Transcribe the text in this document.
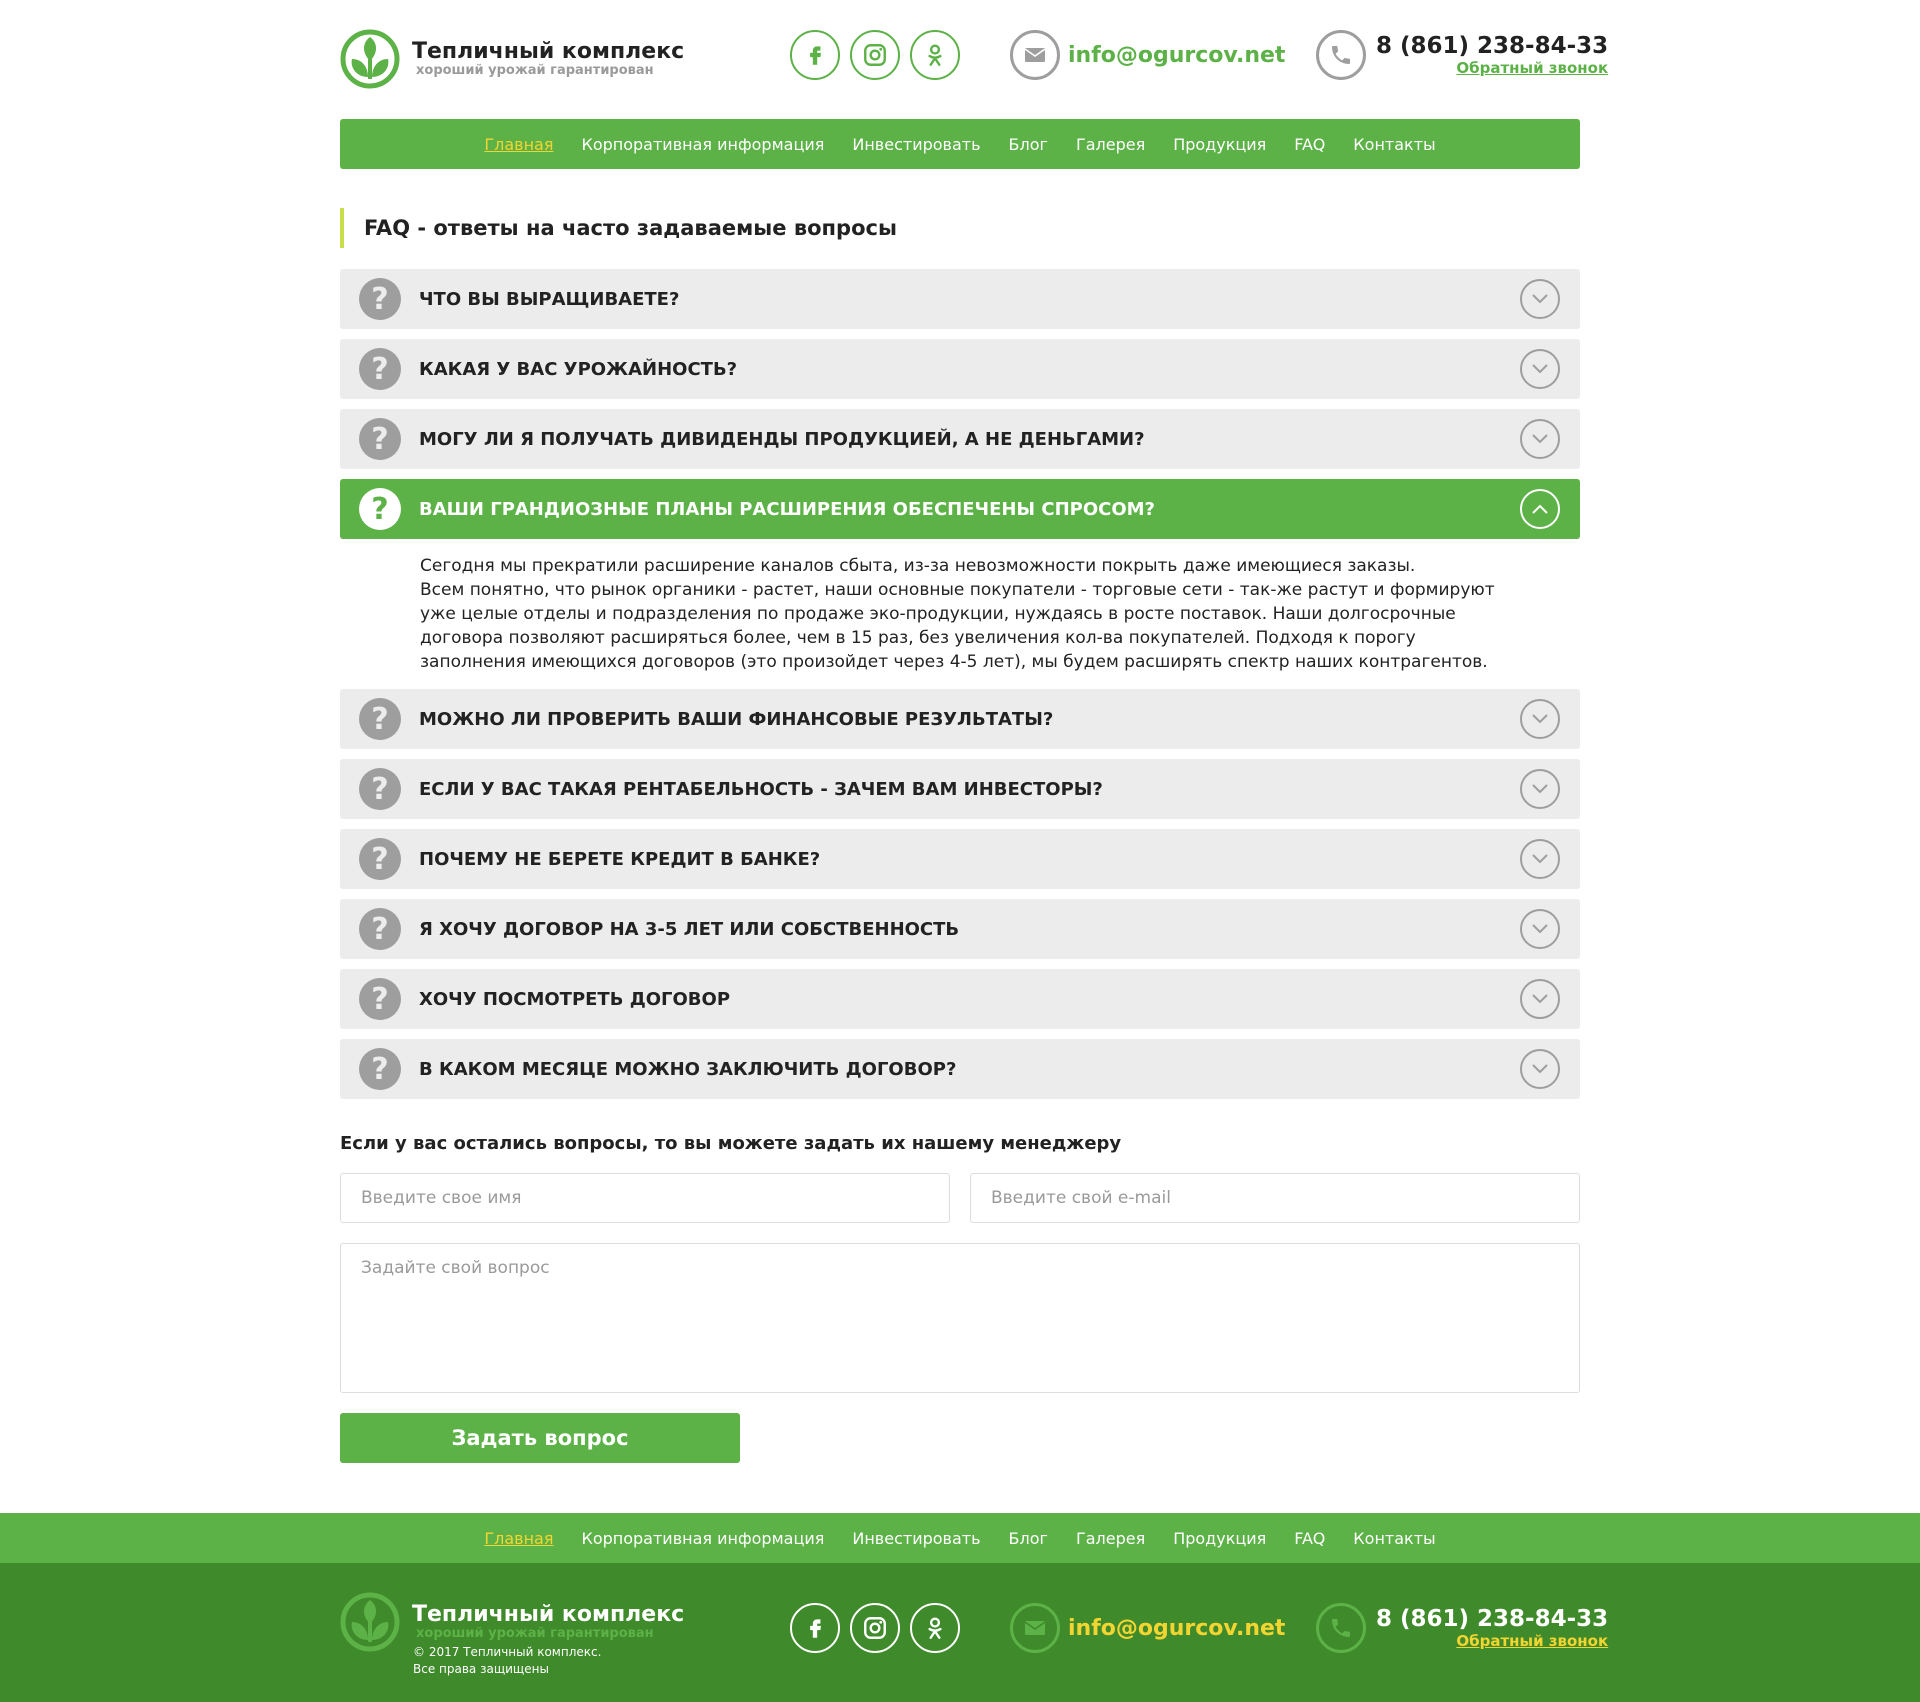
Тепличный комплекс
хороший урожай гарантирован
info@ogurcov.net	8 (861) 238-84-33
Обратный звонок
Главная Корпоративная информация Инвестировать Блог Галерея Продукция FAQ Контакты
FAQ - ответы на часто задаваемые вопросы
?	ЧТО ВЫ ВЫРАЩИВАЕТЕ?
?	КАКАЯ У ВАС УРОЖАЙНОСТЬ?
?	МОГУ ЛИ Я ПОЛУЧАТЬ ДИВИДЕНДЫ ПРОДУКЦИЕЙ, А НЕ ДЕНЬГАМИ?
?	ВАШИ ГРАНДИОЗНЫЕ ПЛАНЫ РАСШИРЕНИЯ ОБЕСПЕЧЕНЫ СПРОСОМ?
Сегодня мы прекратили расширение каналов сбыта, из-за невозможности покрыть даже имеющиеся заказы.
Всем понятно, что рынок органики - растет, наши основные покупатели - торговые сети - так-же растут и формируют
уже целые отделы и подразделения по продаже эко-продукции, нуждаясь в росте поставок. Наши долгосрочные
договора позволяют расширяться более, чем в 15 раз, без увеличения кол-ва покупателей. Подходя к порогу
заполнения имеющихся договоров (это произойдет через 4-5 лет), мы будем расширять спектр наших контрагентов.
?	МОЖНО ЛИ ПРОВЕРИТЬ ВАШИ ФИНАНСОВЫЕ РЕЗУЛЬТАТЫ?
?	ЕСЛИ У ВАС ТАКАЯ РЕНТАБЕЛЬНОСТЬ - ЗАЧЕМ ВАМ ИНВЕСТОРЫ?
?	ПОЧЕМУ НЕ БЕРЕТЕ КРЕДИТ В БАНКЕ?
?	Я ХОЧУ ДОГОВОР НА 3-5 ЛЕТ ИЛИ СОБСТВЕННОСТЬ
?	ХОЧУ ПОСМОТРЕТЬ ДОГОВОР
?	В КАКОМ МЕСЯЦЕ МОЖНО ЗАКЛЮЧИТЬ ДОГОВОР?
Если у вас остались вопросы, то вы можете задать их нашему менеджеру
Введите свое имя
Введите свой e-mail
Задайте свой вопрос
Задать вопрос
Главная Корпоративная информация Инвестировать Блог Галерея Продукция FAQ Контакты
Тепличный комплекс
хороший урожай гарантирован	info@ogurcov.net	8 (861) 238-84-33
Обратный звонок
© 2017 Тепличный комплекс.
Все права защищены
